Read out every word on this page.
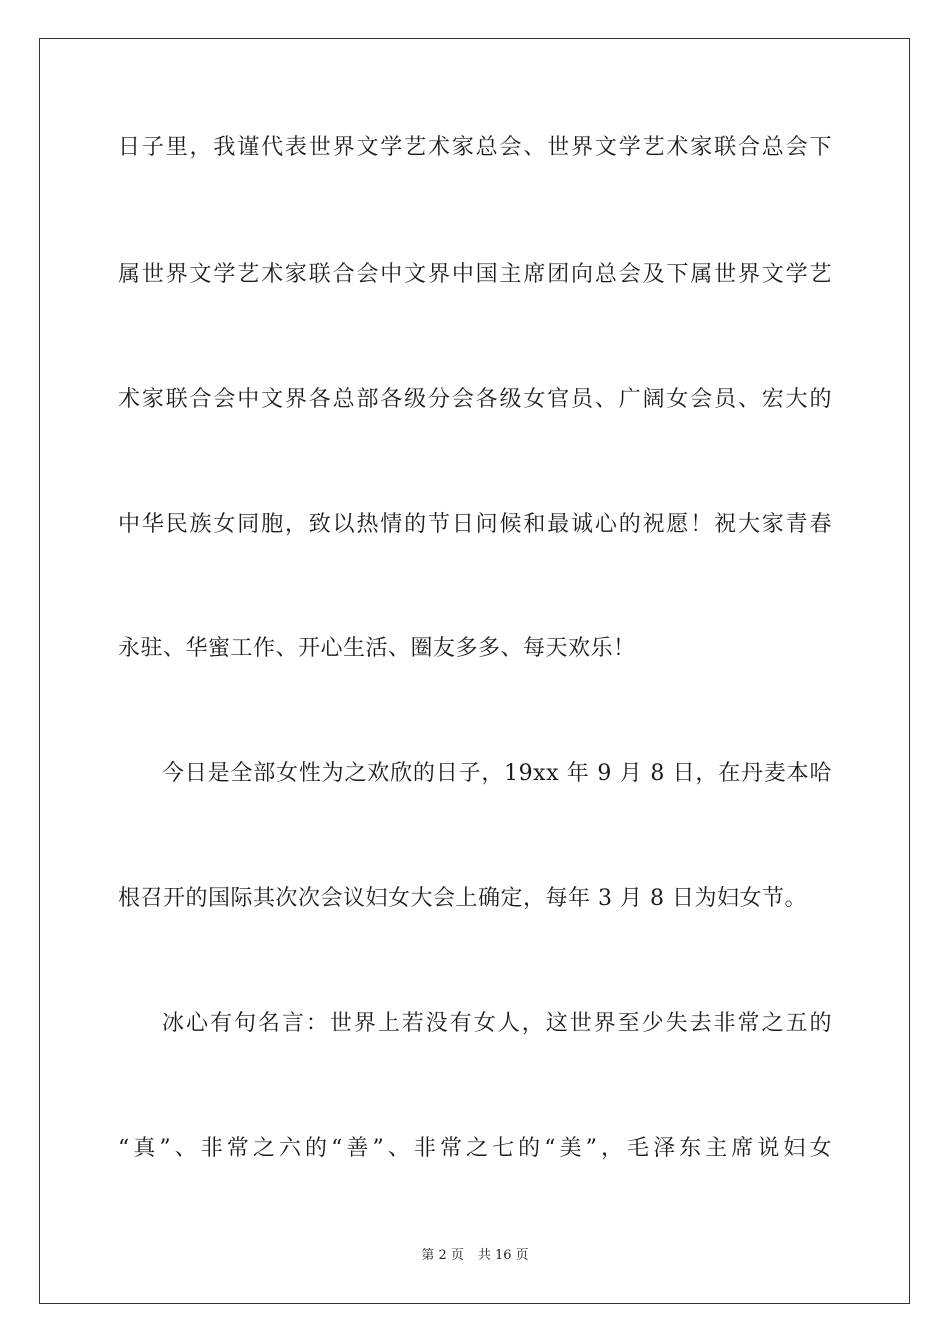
日子里，我谨代表世界文学艺术家总会、世界文学艺术家联合总会下
属世界文学艺术家联合会中文界中国主席团向总会及下属世界文学艺
术家联合会中文界各总部各级分会各级女官员、广阔女会员、宏大的
中华民族女同胞，致以热情的节日问候和最诚心的祝愿！祝大家青春
永驻、华蜜工作、开心生活、圈友多多、每天欢乐！
今日是全部女性为之欢欣的日子，19xx 年 9 月 8 日，在丹麦本哈
根召开的国际其次次会议妇女大会上确定，每年 3 月 8 日为妇女节。
冰心有句名言：世界上若没有女人，这世界至少失去非常之五的
“真”、非常之六的“善”、非常之七的“美”，毛泽东主席说妇女
第 2 页 共 16 页
